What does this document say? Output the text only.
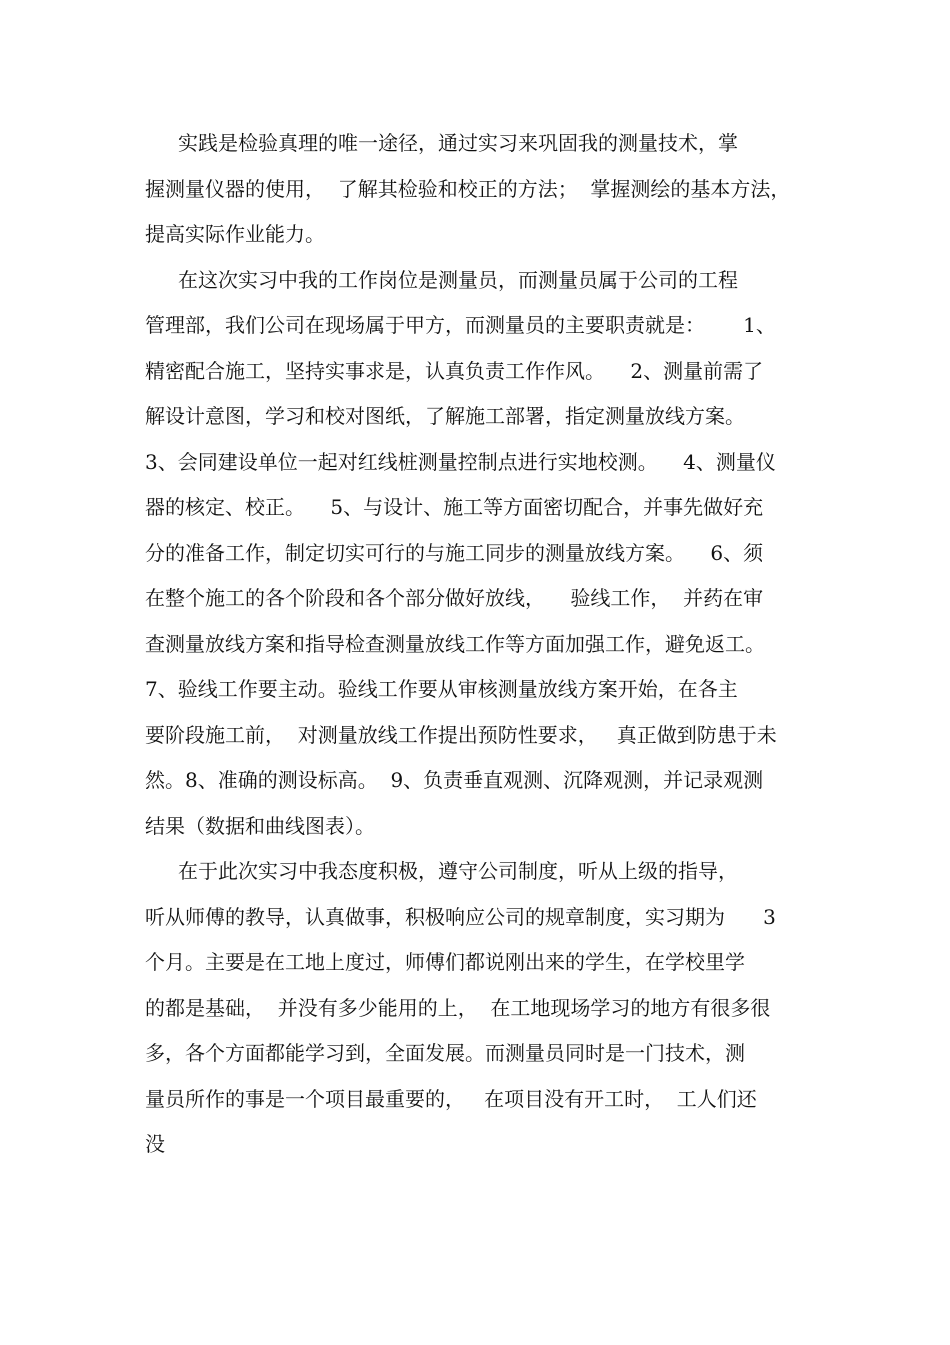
实践是检验真理的唯一途径，通过实习来巩固我的测量技术，掌
握测量仪器的使用，  了解其检验和校正的方法；  掌握测绘的基本方法，
提高实际作业能力。
在这次实习中我的工作岗位是测量员，而测量员属于公司的工程
管理部，我们公司在现场属于甲方，而测量员的主要职责就是：      1、
精密配合施工，坚持实事求是，认真负责工作作风。    2、测量前需了
解设计意图，学习和校对图纸，了解施工部署，指定测量放线方案。
3、会同建设单位一起对红线桩测量控制点进行实地校测。    4、测量仪
器的核定、校正。    5、与设计、施工等方面密切配合，并事先做好充
分的准备工作，制定切实可行的与施工同步的测量放线方案。    6、须
在整个施工的各个阶段和各个部分做好放线，    验线工作，  并药在审
查测量放线方案和指导检查测量放线工作等方面加强工作，避免返工。
7、验线工作要主动。验线工作要从审核测量放线方案开始，在各主
要阶段施工前，  对测量放线工作提出预防性要求，   真正做到防患于未
然。8、准确的测设标高。  9、负责垂直观测、沉降观测，并记录观测
结果（数据和曲线图表）。
在于此次实习中我态度积极，遵守公司制度，听从上级的指导，
听从师傅的教导，认真做事，积极响应公司的规章制度，实习期为      3
个月。主要是在工地上度过，师傅们都说刚出来的学生，在学校里学
的都是基础，  并没有多少能用的上，  在工地现场学习的地方有很多很
多，各个方面都能学习到，全面发展。而测量员同时是一门技术，测
量员所作的事是一个项目最重要的，   在项目没有开工时，  工人们还
没
